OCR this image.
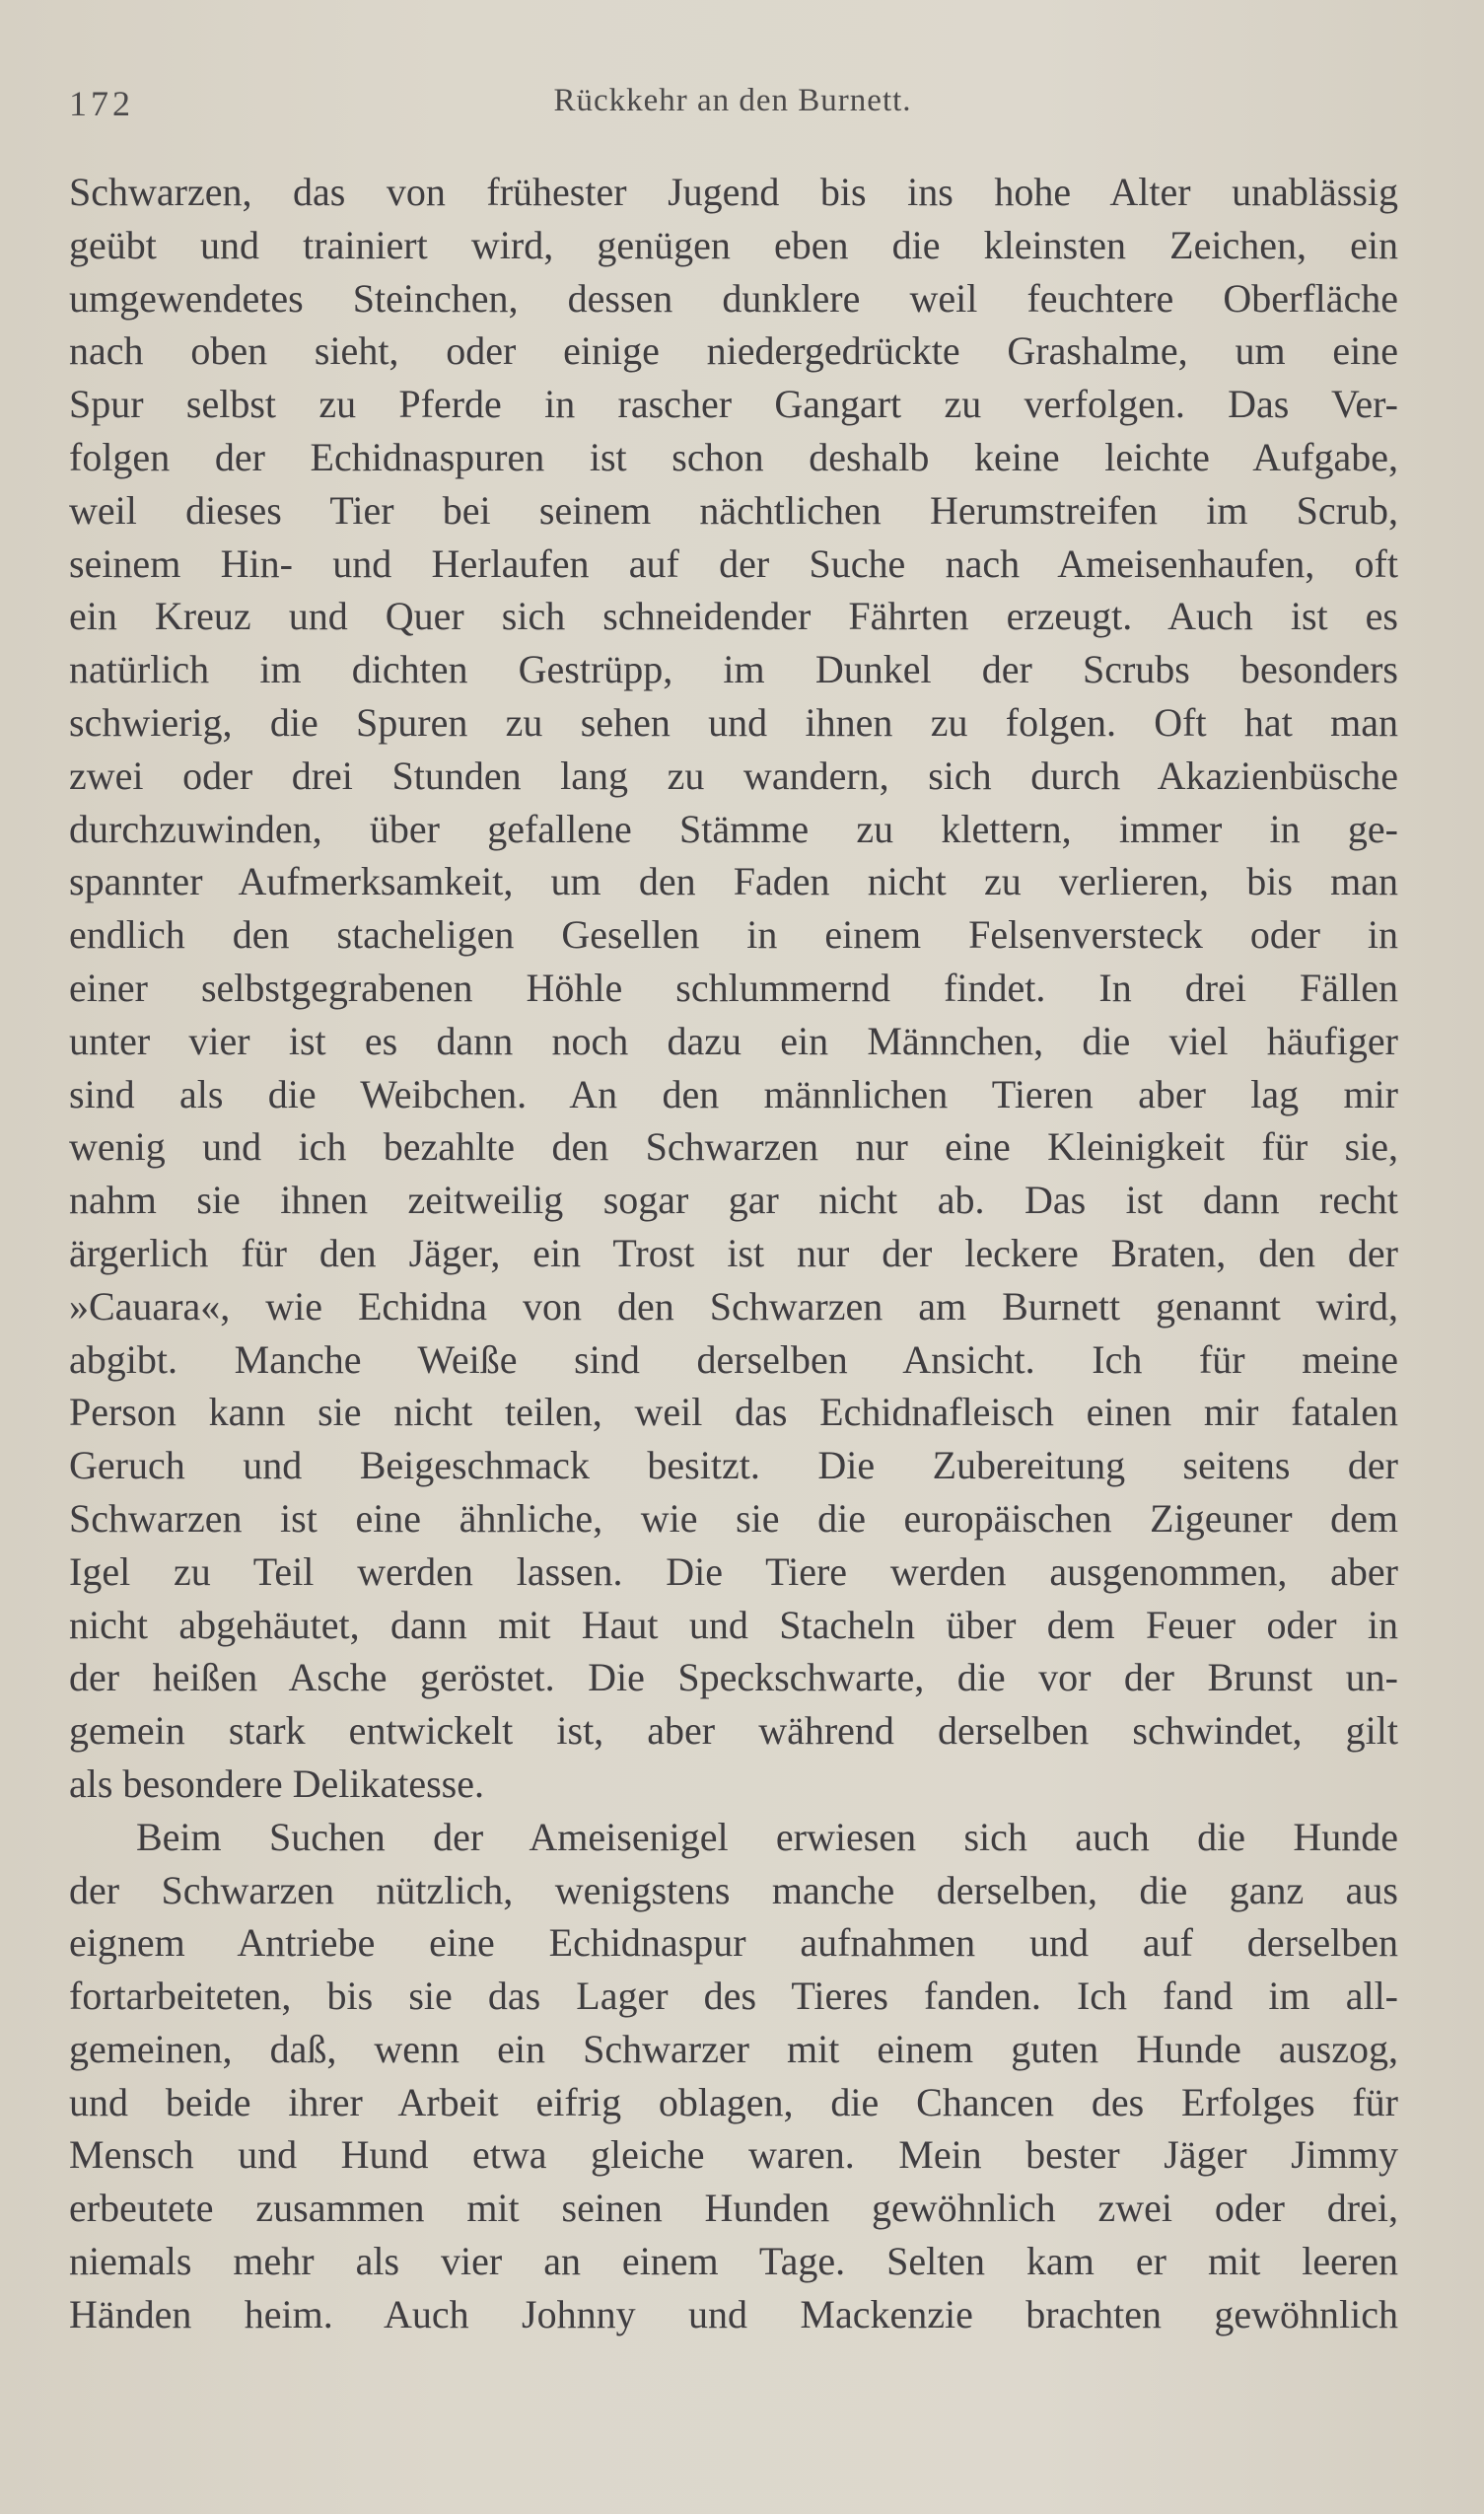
172	Rückkehr an den Burnett.
Schwarzen, das von frühester Jugend bis ins hohe Alter unablässig
geübt und trainiert wird, genügen eben die kleinsten Zeichen, ein
umgewendetes Steinchen, dessen dunklere weil feuchtere Oberfläche
nach oben sieht, oder einige niedergedrückte Grashalme, um eine
Spur selbst zu Pferde in rascher Gangart zu verfolgen. Das Ver-
folgen der Echidnaspuren ist schon deshalb keine leichte Aufgabe,
weil dieses Tier bei seinem nächtlichen Herumstreifen im Scrub,
seinem Hin- und Herlaufen auf der Suche nach Ameisenhaufen, oft
ein Kreuz und Quer sich schneidender Fährten erzeugt. Auch ist es
natürlich im dichten Gestrüpp, im Dunkel der Scrubs besonders
schwierig, die Spuren zu sehen und ihnen zu folgen. Oft hat man
zwei oder drei Stunden lang zu wandern, sich durch Akazienbüsche
durchzuwinden, über gefallene Stämme zu klettern, immer in ge-
spannter Aufmerksamkeit, um den Faden nicht zu verlieren, bis man
endlich den stacheligen Gesellen in einem Felsenversteck oder in
einer selbstgegrabenen Höhle schlummernd findet. In drei Fällen
unter vier ist es dann noch dazu ein Männchen, die viel häufiger
sind als die Weibchen. An den männlichen Tieren aber lag mir
wenig und ich bezahlte den Schwarzen nur eine Kleinigkeit für sie,
nahm sie ihnen zeitweilig sogar gar nicht ab. Das ist dann recht
ärgerlich für den Jäger, ein Trost ist nur der leckere Braten, den der
»Cauara«, wie Echidna von den Schwarzen am Burnett genannt wird,
abgibt. Manche Weiße sind derselben Ansicht. Ich für meine
Person kann sie nicht teilen, weil das Echidnafleisch einen mir fatalen
Geruch und Beigeschmack besitzt. Die Zubereitung seitens der
Schwarzen ist eine ähnliche, wie sie die europäischen Zigeuner dem
Igel zu Teil werden lassen. Die Tiere werden ausgenommen, aber
nicht abgehäutet, dann mit Haut und Stacheln über dem Feuer oder in
der heißen Asche geröstet. Die Speckschwarte, die vor der Brunst un-
gemein stark entwickelt ist, aber während derselben schwindet, gilt
als besondere Delikatesse.
Beim Suchen der Ameisenigel erwiesen sich auch die Hunde
der Schwarzen nützlich, wenigstens manche derselben, die ganz aus
eignem Antriebe eine Echidnaspur aufnahmen und auf derselben
fortarbeiteten, bis sie das Lager des Tieres fanden. Ich fand im all-
gemeinen, daß, wenn ein Schwarzer mit einem guten Hunde auszog,
und beide ihrer Arbeit eifrig oblagen, die Chancen des Erfolges für
Mensch und Hund etwa gleiche waren. Mein bester Jäger Jimmy
erbeutete zusammen mit seinen Hunden gewöhnlich zwei oder drei,
niemals mehr als vier an einem Tage. Selten kam er mit leeren
Händen heim. Auch Johnny und Mackenzie brachten gewöhnlich
